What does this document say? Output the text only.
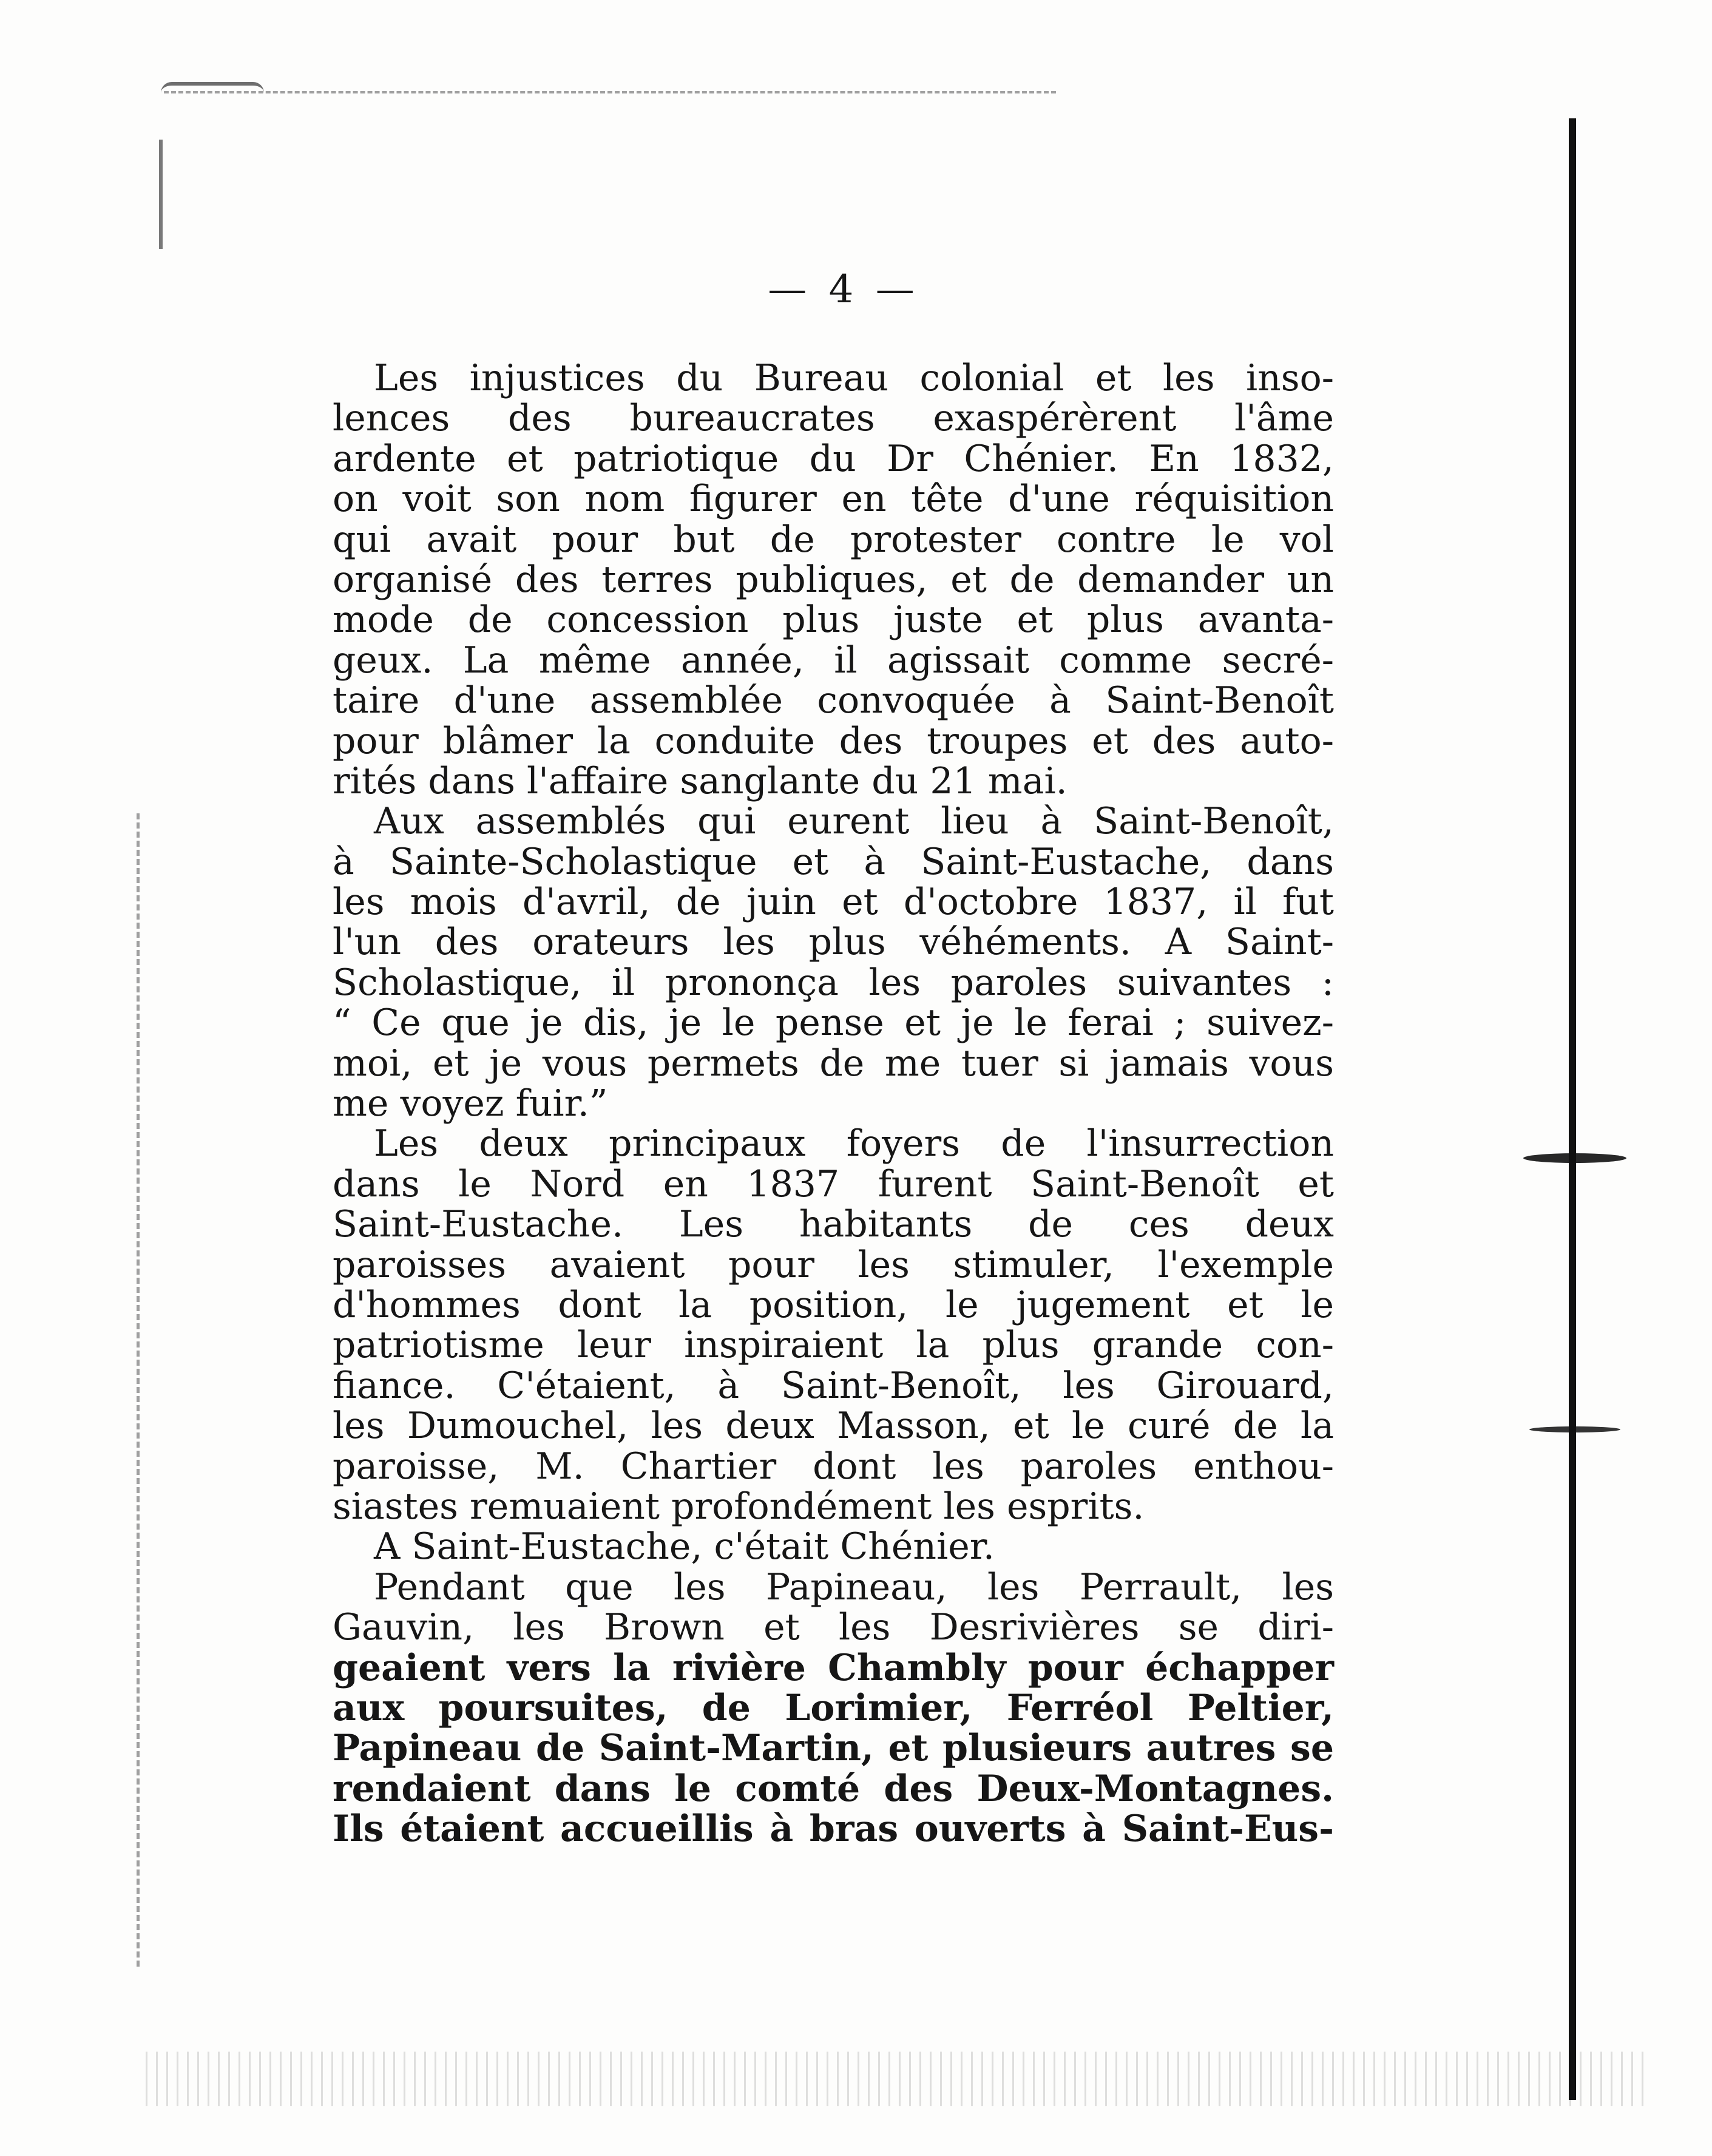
— 4 —
Les injustices du Bureau colonial et les inso-
lences des bureaucrates exaspérèrent l'âme
ardente et patriotique du Dr Chénier. En 1832,
on voit son nom figurer en tête d'une réquisition
qui avait pour but de protester contre le vol
organisé des terres publiques, et de demander un
mode de concession plus juste et plus avanta-
geux. La même année, il agissait comme secré-
taire d'une assemblée convoquée à Saint-Benoît
pour blâmer la conduite des troupes et des auto-
rités dans l'affaire sanglante du 21 mai.
Aux assemblés qui eurent lieu à Saint-Benoît,
à Sainte-Scholastique et à Saint-Eustache, dans
les mois d'avril, de juin et d'octobre 1837, il fut
l'un des orateurs les plus véhéments. A Saint-
Scholastique, il prononça les paroles suivantes :
“ Ce que je dis, je le pense et je le ferai ; suivez-
moi, et je vous permets de me tuer si jamais vous
me voyez fuir.”
Les deux principaux foyers de l'insurrection
dans le Nord en 1837 furent Saint-Benoît et
Saint-Eustache. Les habitants de ces deux
paroisses avaient pour les stimuler, l'exemple
d'hommes dont la position, le jugement et le
patriotisme leur inspiraient la plus grande con-
fiance. C'étaient, à Saint-Benoît, les Girouard,
les Dumouchel, les deux Masson, et le curé de la
paroisse, M. Chartier dont les paroles enthou-
siastes remuaient profondément les esprits.
A Saint-Eustache, c'était Chénier.
Pendant que les Papineau, les Perrault, les
Gauvin, les Brown et les Desrivières se diri-
geaient vers la rivière Chambly pour échapper
aux poursuites, de Lorimier, Ferréol Peltier,
Papineau de Saint-Martin, et plusieurs autres se
rendaient dans le comté des Deux-Montagnes.
Ils étaient accueillis à bras ouverts à Saint-Eus-
